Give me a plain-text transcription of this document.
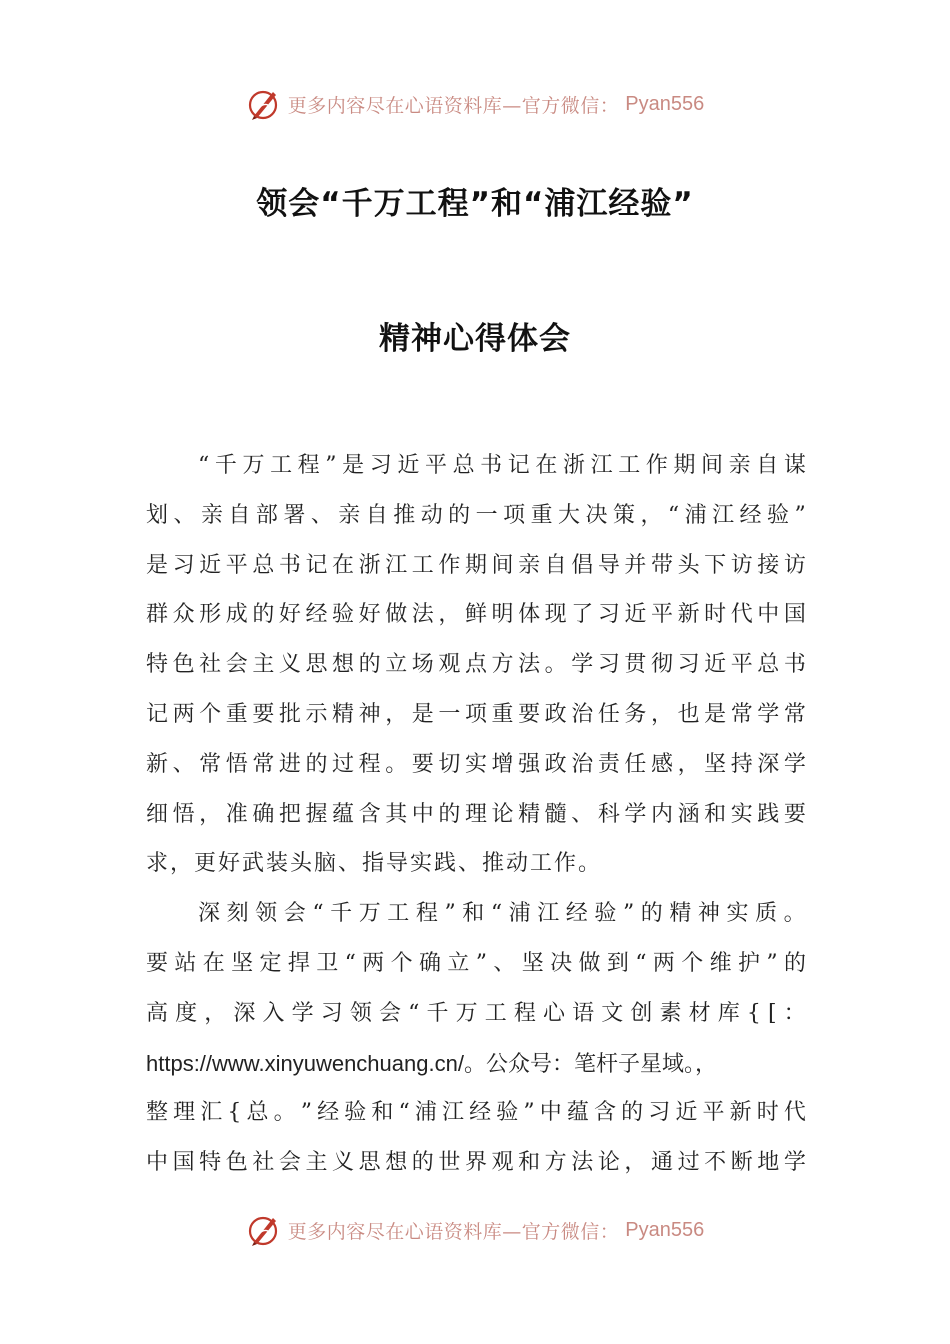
更多内容尽在心语资料库—官方微信： Pyan556
领会“千万工程”和“浦江经验”
精神心得体会
“ 千 万 工 程 ” 是 习 近 平 总 书 记 在 浙 江 工 作 期 间 亲 自 谋
划 、 亲 自 部 署 、 亲 自 推 动 的 一 项 重 大 决 策 ， “ 浦 江 经 验 ”
是 习 近 平 总 书 记 在 浙 江 工 作 期 间 亲 自 倡 导 并 带 头 下 访 接 访
群 众 形 成 的 好 经 验 好 做 法 ， 鲜 明 体 现 了 习 近 平 新 时 代 中 国
特 色 社 会 主 义 思 想 的 立 场 观 点 方 法 。 学 习 贯 彻 习 近 平 总 书
记 两 个 重 要 批 示 精 神 ， 是 一 项 重 要 政 治 任 务 ， 也 是 常 学 常
新 、 常 悟 常 进 的 过 程 。 要 切 实 增 强 政 治 责 任 感 ， 坚 持 深 学
细 悟 ， 准 确 把 握 蕴 含 其 中 的 理 论 精 髓 、 科 学 内 涵 和 实 践 要
求，更好武装头脑、指导实践、推动工作。
深 刻 领 会 “ 千 万 工 程 ” 和 “ 浦 江 经 验 ” 的 精 神 实 质 。
要 站 在 坚 定 捍 卫 “ 两 个 确 立 ” 、 坚 决 做 到 “ 两 个 维 护 ” 的
高 度 ， 深 入 学 习 领 会 “ 千 万 工 程 心 语 文 创 素 材 库 { [ ：
https://www.xinyuwenchuang.cn/。公众号：笔杆子星域。，
整 理 汇 { 总 。 ” 经 验 和 “ 浦 江 经 验 ” 中 蕴 含 的 习 近 平 新 时 代
中 国 特 色 社 会 主 义 思 想 的 世 界 观 和 方 法 论 ， 通 过 不 断 地 学
更多内容尽在心语资料库—官方微信： Pyan556
